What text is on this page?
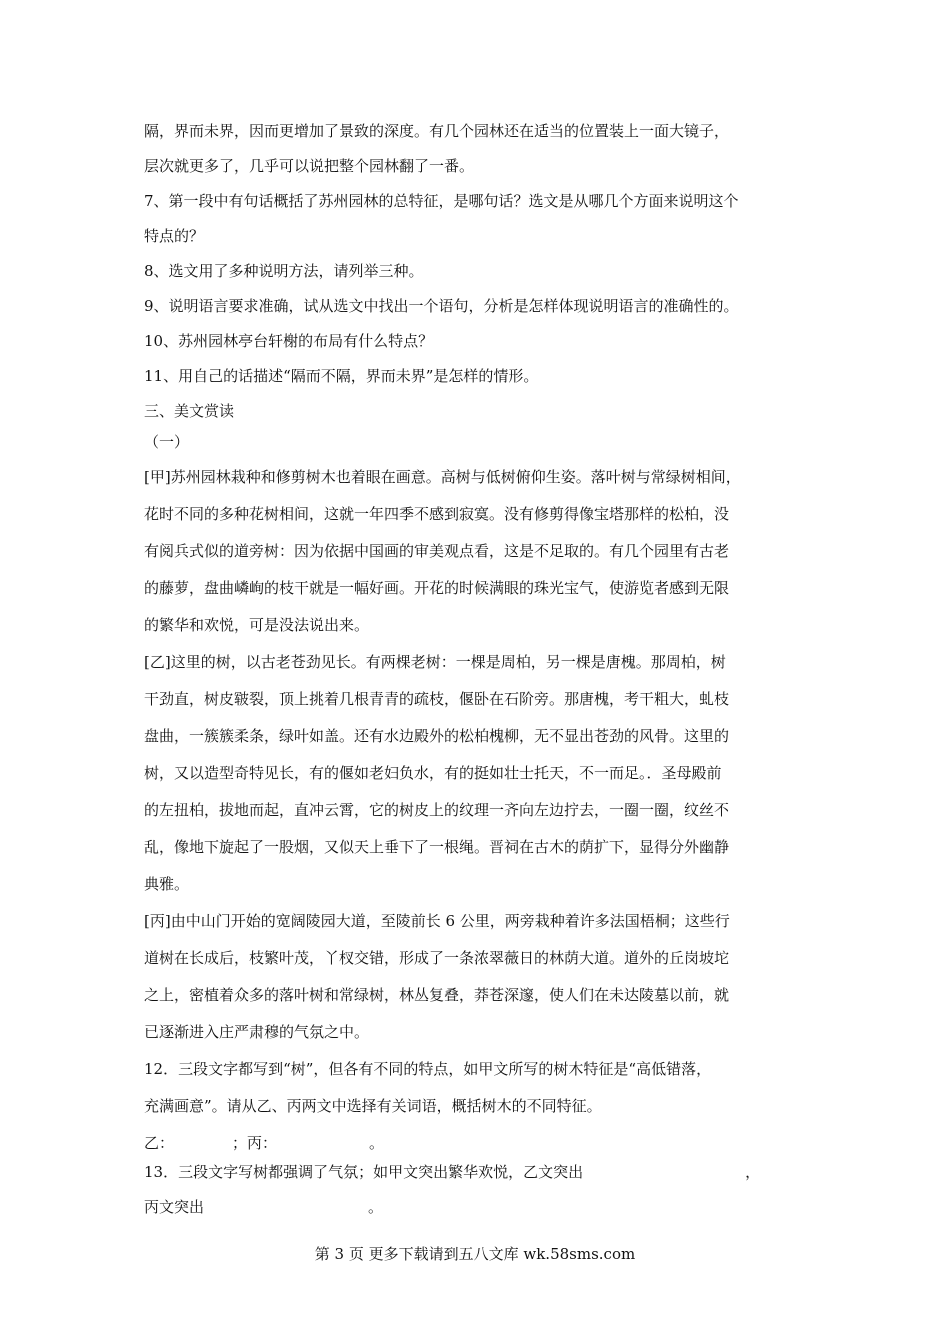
隔，界而未界，因而更增加了景致的深度。有几个园林还在适当的位置装上一面大镜子，
层次就更多了，几乎可以说把整个园林翻了一番。
7、第一段中有句话概括了苏州园林的总特征，是哪句话？选文是从哪几个方面来说明这个
特点的？
8、选文用了多种说明方法，请列举三种。
9、说明语言要求准确，试从选文中找出一个语句，分析是怎样体现说明语言的准确性的。
10、苏州园林亭台轩榭的布局有什么特点？
11、用自己的话描述“隔而不隔，界而未界”是怎样的情形。
三、美文赏读
（一）
[甲]苏州园林栽种和修剪树木也着眼在画意。高树与低树俯仰生姿。落叶树与常绿树相间，
花时不同的多种花树相间，这就一年四季不感到寂寞。没有修剪得像宝塔那样的松柏，没
有阅兵式似的道旁树：因为依据中国画的审美观点看，这是不足取的。有几个园里有古老
的藤萝，盘曲嶙峋的枝干就是一幅好画。开花的时候满眼的珠光宝气，使游览者感到无限
的繁华和欢悦，可是没法说出来。
[乙]这里的树，以古老苍劲见长。有两棵老树：一棵是周柏，另一棵是唐槐。那周柏，树
干劲直，树皮皲裂，顶上挑着几根青青的疏枝，偃卧在石阶旁。那唐槐，考干粗大，虬枝
盘曲，一簇簇柔条，绿叶如盖。还有水边殿外的松柏槐柳，无不显出苍劲的风骨。这里的
树，又以造型奇特见长，有的偃如老妇负水，有的挺如壮士托天，不一而足。．圣母殿前
的左扭柏，拔地而起，直冲云霄，它的树皮上的纹理一齐向左边拧去，一圈一圈，纹丝不
乱，像地下旋起了一股烟，又似天上垂下了一根绳。晋祠在古木的荫扩下，显得分外幽静
典雅。
[丙]由中山门开始的宽阔陵园大道，至陵前长 6 公里，两旁栽种着许多法国梧桐；这些行
道树在长成后，枝繁叶茂，丫杈交错，形成了一条浓翠薇日的林荫大道。道外的丘岗坡坨
之上，密植着众多的落叶树和常绿树，林丛复叠，莽苍深邃，使人们在未达陵墓以前，就
已逐渐进入庄严肃穆的气氛之中。
12．三段文字都写到“树”，但各有不同的特点，如甲文所写的树木特征是“高低错落，
充满画意”。请从乙、丙两文中选择有关词语，概括树木的不同特征。
乙：	；丙：	。
13．三段文字写树都强调了气氛；如甲文突出繁华欢悦，乙文突出	，
丙文突出	。
第 3 页 更多下载请到五八文库 wk.58sms.com
